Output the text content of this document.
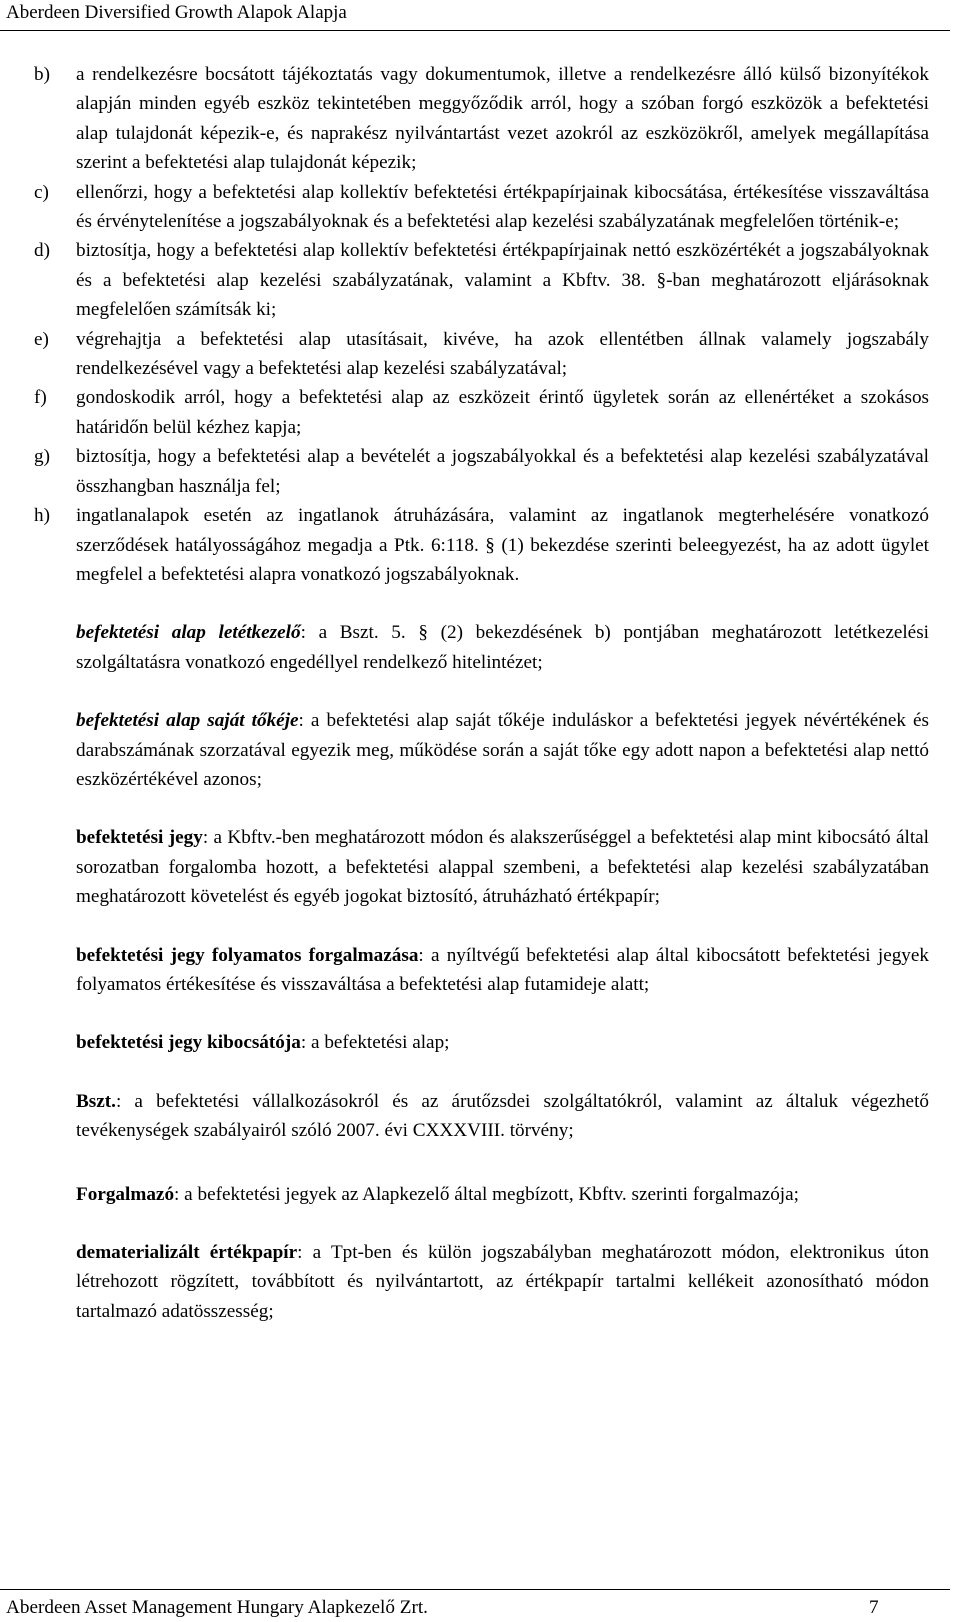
Aberdeen Diversified Growth Alapok Alapja
b)	a rendelkezésre bocsátott tájékoztatás vagy dokumentumok, illetve a rendelkezésre álló külső bizonyítékok alapján minden egyéb eszköz tekintetében meggyőződik arról, hogy a szóban forgó eszközök a befektetési alap tulajdonát képezik-e, és naprakész nyilvántartást vezet azokról az eszközökről, amelyek megállapítása szerint a befektetési alap tulajdonát képezik;
c)	ellenőrzi, hogy a befektetési alap kollektív befektetési értékpapírjainak kibocsátása, értékesítése visszaváltása és érvénytelenítése a jogszabályoknak és a befektetési alap kezelési szabályzatának megfelelően történik-e;
d)	biztosítja, hogy a befektetési alap kollektív befektetési értékpapírjainak nettó eszközértékét a jogszabályoknak és a befektetési alap kezelési szabályzatának, valamint a Kbftv. 38. §-ban meghatározott eljárásoknak megfelelően számítsák ki;
e)	végrehajtja a befektetési alap utasításait, kivéve, ha azok ellentétben állnak valamely jogszabály rendelkezésével vagy a befektetési alap kezelési szabályzatával;
f)	gondoskodik arról, hogy a befektetési alap az eszközeit érintő ügyletek során az ellenértéket a szokásos határidőn belül kézhez kapja;
g)	biztosítja, hogy a befektetési alap a bevételét a jogszabályokkal és a befektetési alap kezelési szabályzatával összhangban használja fel;
h)	ingatlanalapok esetén az ingatlanok átruházására, valamint az ingatlanok megterhelésére vonatkozó szerződések hatályosságához megadja a Ptk. 6:118. § (1) bekezdése szerinti beleegyezést, ha az adott ügylet megfelel a befektetési alapra vonatkozó jogszabályoknak.
befektetési alap letétkezelő: a Bszt. 5. § (2) bekezdésének b) pontjában meghatározott letétkezelési szolgáltatásra vonatkozó engedéllyel rendelkező hitelintézet;
befektetési alap saját tőkéje: a befektetési alap saját tőkéje induláskor a befektetési jegyek névértékének és darabszámának szorzatával egyezik meg, működése során a saját tőke egy adott napon a befektetési alap nettó eszközértékével azonos;
befektetési jegy: a Kbftv.-ben meghatározott módon és alakszerűséggel a befektetési alap mint kibocsátó által sorozatban forgalomba hozott, a befektetési alappal szembeni, a befektetési alap kezelési szabályzatában meghatározott követelést és egyéb jogokat biztosító, átruházható értékpapír;
befektetési jegy folyamatos forgalmazása: a nyíltvégű befektetési alap által kibocsátott befektetési jegyek folyamatos értékesítése és visszaváltása a befektetési alap futamideje alatt;
befektetési jegy kibocsátója: a befektetési alap;
Bszt.: a befektetési vállalkozásokról és az árutőzsdei szolgáltatókról, valamint az általuk végezhető tevékenységek szabályairól szóló 2007. évi CXXXVIII. törvény;
Forgalmazó: a befektetési jegyek az Alapkezelő által megbízott, Kbftv. szerinti forgalmazója;
dematerializált értékpapír: a Tpt-ben és külön jogszabályban meghatározott módon, elektronikus úton létrehozott rögzített, továbbított és nyilvántartott, az értékpapír tartalmi kellékeit azonosítható módon tartalmazó adatösszesség;
Aberdeen Asset Management Hungary Alapkezelő Zrt.	7
